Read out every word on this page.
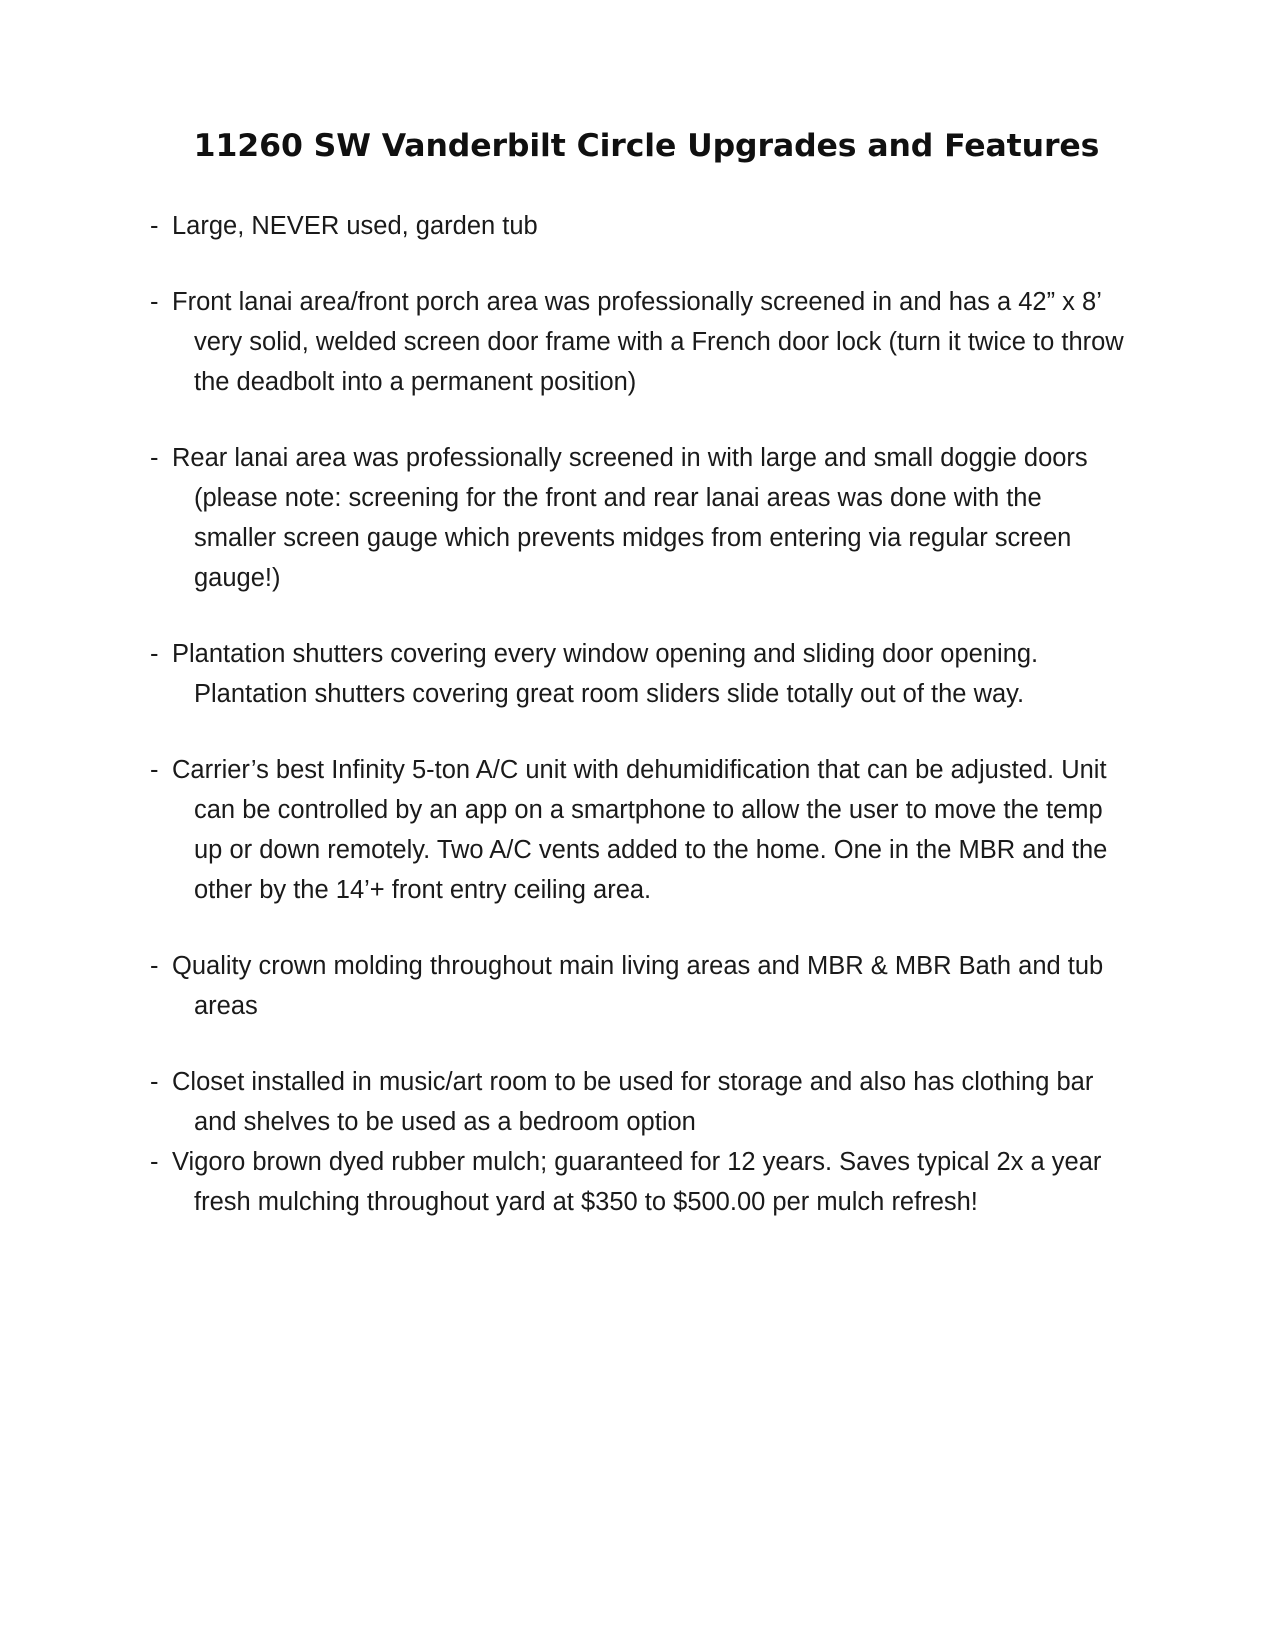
11260 SW Vanderbilt Circle Upgrades and Features
- Large, NEVER used, garden tub
- Front lanai area/front porch area was professionally screened in and has a 42” x 8’ very solid, welded screen door frame with a French door lock (turn it twice to throw the deadbolt into a permanent position)
- Rear lanai area was professionally screened in with large and small doggie doors (please note: screening for the front and rear lanai areas was done with the smaller screen gauge which prevents midges from entering via regular screen gauge!)
- Plantation shutters covering every window opening and sliding door opening. Plantation shutters covering great room sliders slide totally out of the way.
- Carrier’s best Infinity 5-ton A/C unit with dehumidification that can be adjusted. Unit can be controlled by an app on a smartphone to allow the user to move the temp up or down remotely. Two A/C vents added to the home. One in the MBR and the other by the 14’+ front entry ceiling area.
- Quality crown molding throughout main living areas and MBR & MBR Bath and tub areas
- Closet installed in music/art room to be used for storage and also has clothing bar and shelves to be used as a bedroom option
- Vigoro brown dyed rubber mulch; guaranteed for 12 years. Saves typical 2x a year fresh mulching throughout yard at $350 to $500.00 per mulch refresh!
